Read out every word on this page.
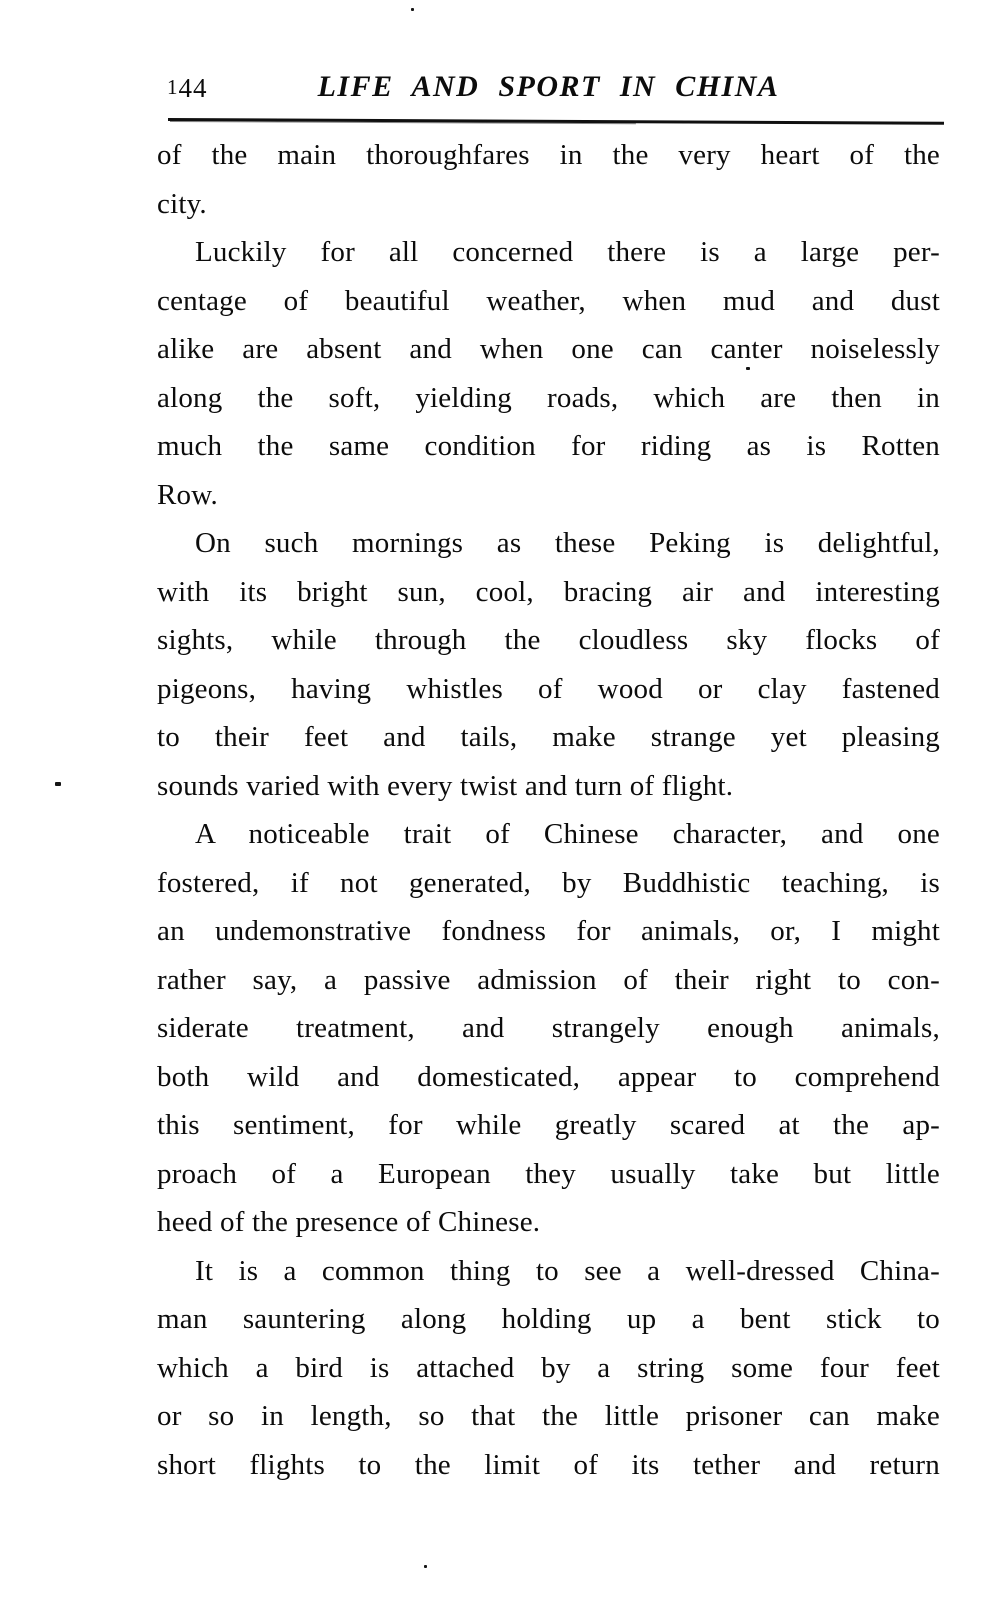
144	LIFE AND SPORT IN CHINA
of the main thoroughfares in the very heart of the
city.
Luckily for all concerned there is a large per-
centage of beautiful weather, when mud and dust
alike are absent and when one can canter noiselessly
along the soft, yielding roads, which are then in
much the same condition for riding as is Rotten
Row.
On such mornings as these Peking is delightful,
with its bright sun, cool, bracing air and interesting
sights, while through the cloudless sky flocks of
pigeons, having whistles of wood or clay fastened
to their feet and tails, make strange yet pleasing
sounds varied with every twist and turn of flight.
A noticeable trait of Chinese character, and one
fostered, if not generated, by Buddhistic teaching, is
an undemonstrative fondness for animals, or, I might
rather say, a passive admission of their right to con-
siderate treatment, and strangely enough animals,
both wild and domesticated, appear to comprehend
this sentiment, for while greatly scared at the ap-
proach of a European they usually take but little
heed of the presence of Chinese.
It is a common thing to see a well-dressed China-
man sauntering along holding up a bent stick to
which a bird is attached by a string some four feet
or so in length, so that the little prisoner can make
short flights to the limit of its tether and return
